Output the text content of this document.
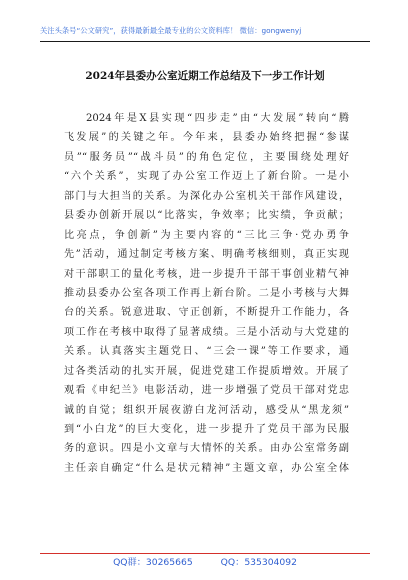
关注头条号“公文研究”，获得最新最全最专业的公文资料库！ 微信：gongwenyj
2024年县委办公室近期工作总结及下一步工作计划
2024年是X县实现“四步走”由“大发展”转向“腾
飞发展”的关键之年。今年来，县委办始终把握“参谋
员”“服务员”“战斗员”的角色定位，主要围绕处理好
“六个关系”，实现了办公室工作迈上了新台阶。一是小
部门与大担当的关系。为深化办公室机关干部作风建设，
县委办创新开展以“比落实，争效率；比实绩，争贡献；
比亮点，争创新”为主要内容的“三比三争·党办勇争
先”活动，通过制定考核方案、明确考核细则，真正实现
对干部职工的量化考核，进一步提升干部干事创业精气神
推动县委办公室各项工作再上新台阶。二是小考核与大舞
台的关系。锐意进取、守正创新，不断提升工作能力，各
项工作在考核中取得了显著成绩。三是小活动与大党建的
关系。认真落实主题党日、“三会一课”等工作要求，通
过各类活动的扎实开展，促进党建工作提质增效。开展了
观看《申纪兰》电影活动，进一步增强了党员干部对党忠
诚的自觉；组织开展夜游白龙河活动，感受从“黑龙须”
到“小白龙”的巨大变化，进一步提升了党员干部为民服
务的意识。四是小文章与大情怀的关系。由办公室常务副
主任亲自确定“什么是状元精神”主题文章，办公室全体
QQ群：30265665	QQ：535304092
